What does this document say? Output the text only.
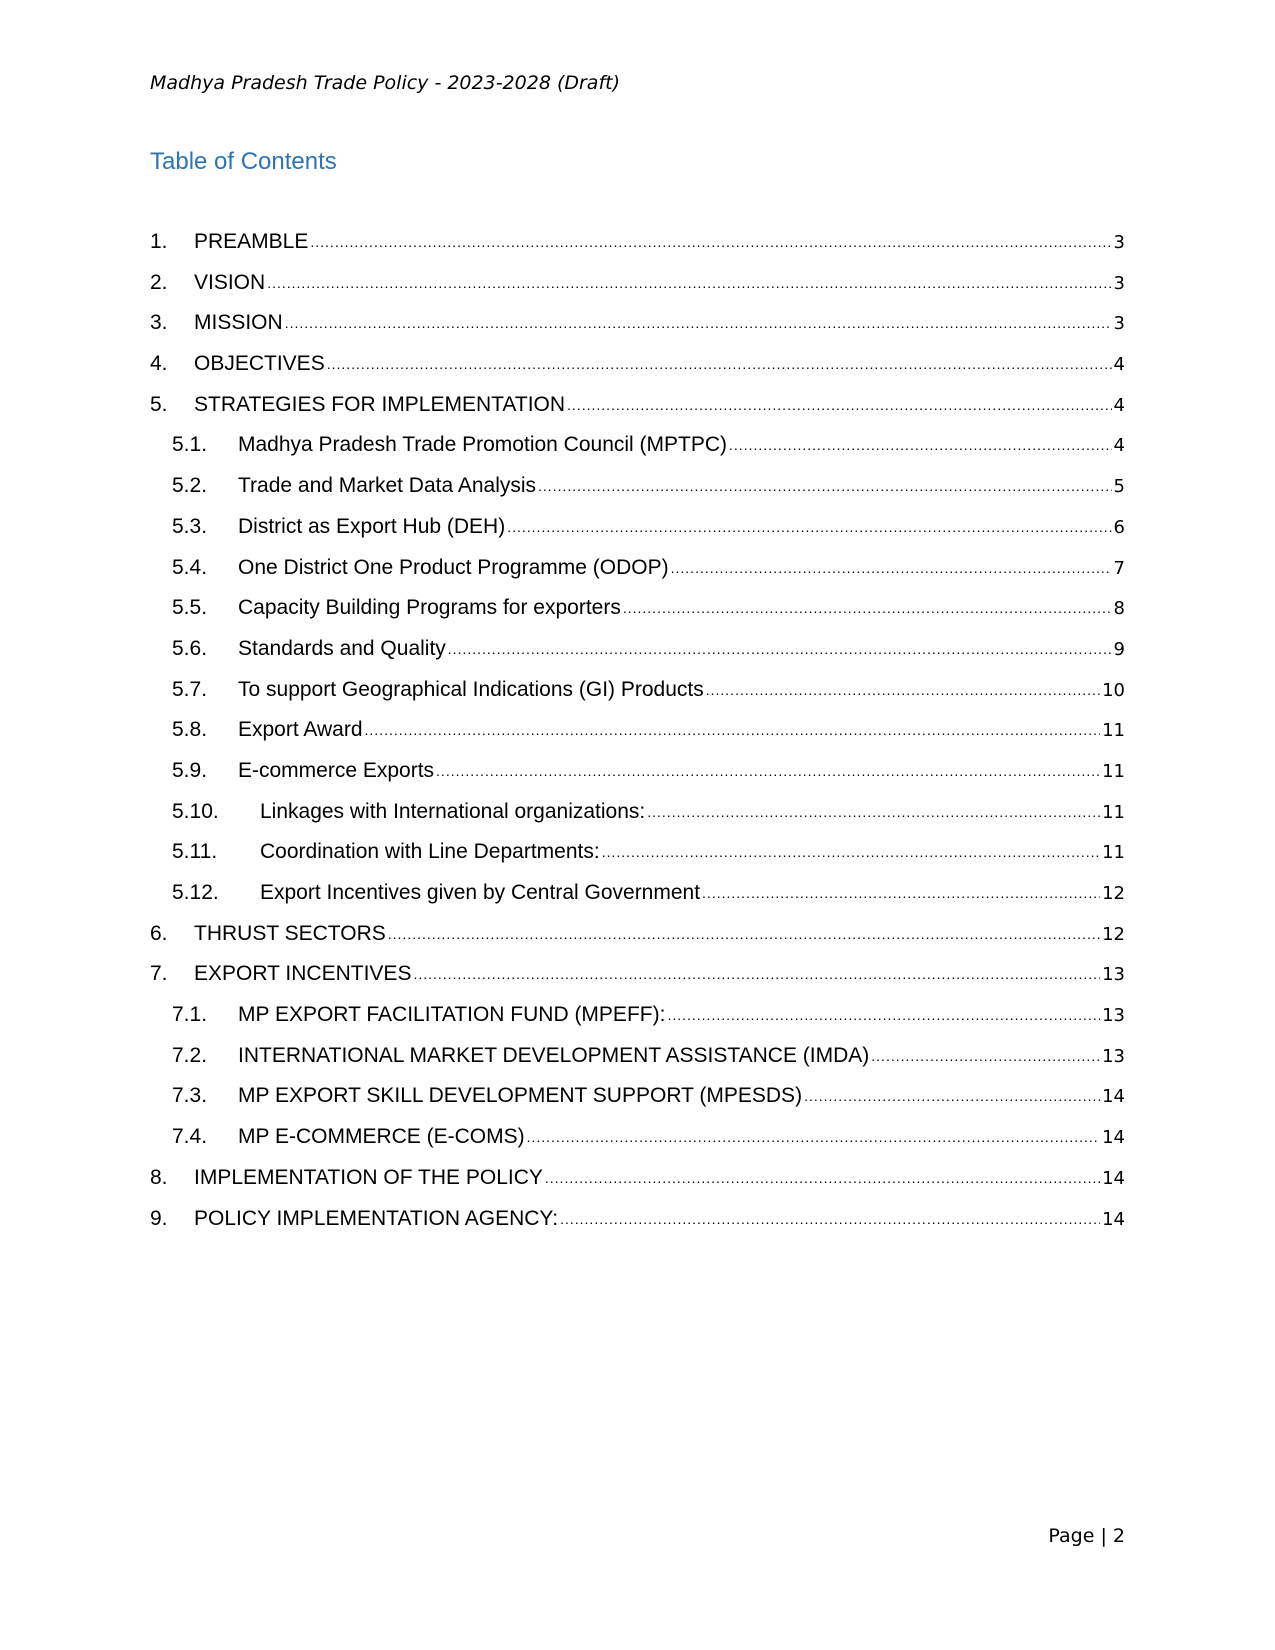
Madhya Pradesh Trade Policy - 2023-2028 (Draft)
Table of Contents
1. PREAMBLE .....	3
2. VISION .....	3
3. MISSION .....	3
4. OBJECTIVES .....	4
5. STRATEGIES FOR IMPLEMENTATION .....	4
5.1. Madhya Pradesh Trade Promotion Council (MPTPC) .....	4
5.2. Trade and Market Data Analysis .....	5
5.3. District as Export Hub (DEH) .....	6
5.4. One District One Product Programme (ODOP) .....	7
5.5. Capacity Building Programs for exporters .....	8
5.6. Standards and Quality .....	9
5.7. To support Geographical Indications (GI) Products .....	10
5.8. Export Award .....	11
5.9. E-commerce Exports .....	11
5.10. Linkages with International organizations: .....	11
5.11. Coordination with Line Departments: .....	11
5.12. Export Incentives given by Central Government .....	12
6. THRUST SECTORS .....	12
7. EXPORT INCENTIVES .....	13
7.1. MP EXPORT FACILITATION FUND (MPEFF): .....	13
7.2. INTERNATIONAL MARKET DEVELOPMENT ASSISTANCE (IMDA) .....	13
7.3. MP EXPORT SKILL DEVELOPMENT SUPPORT (MPESDS) .....	14
7.4. MP E-COMMERCE (E-COMS) .....	14
8. IMPLEMENTATION OF THE POLICY .....	14
9. POLICY IMPLEMENTATION AGENCY: .....	14
Page | 2
